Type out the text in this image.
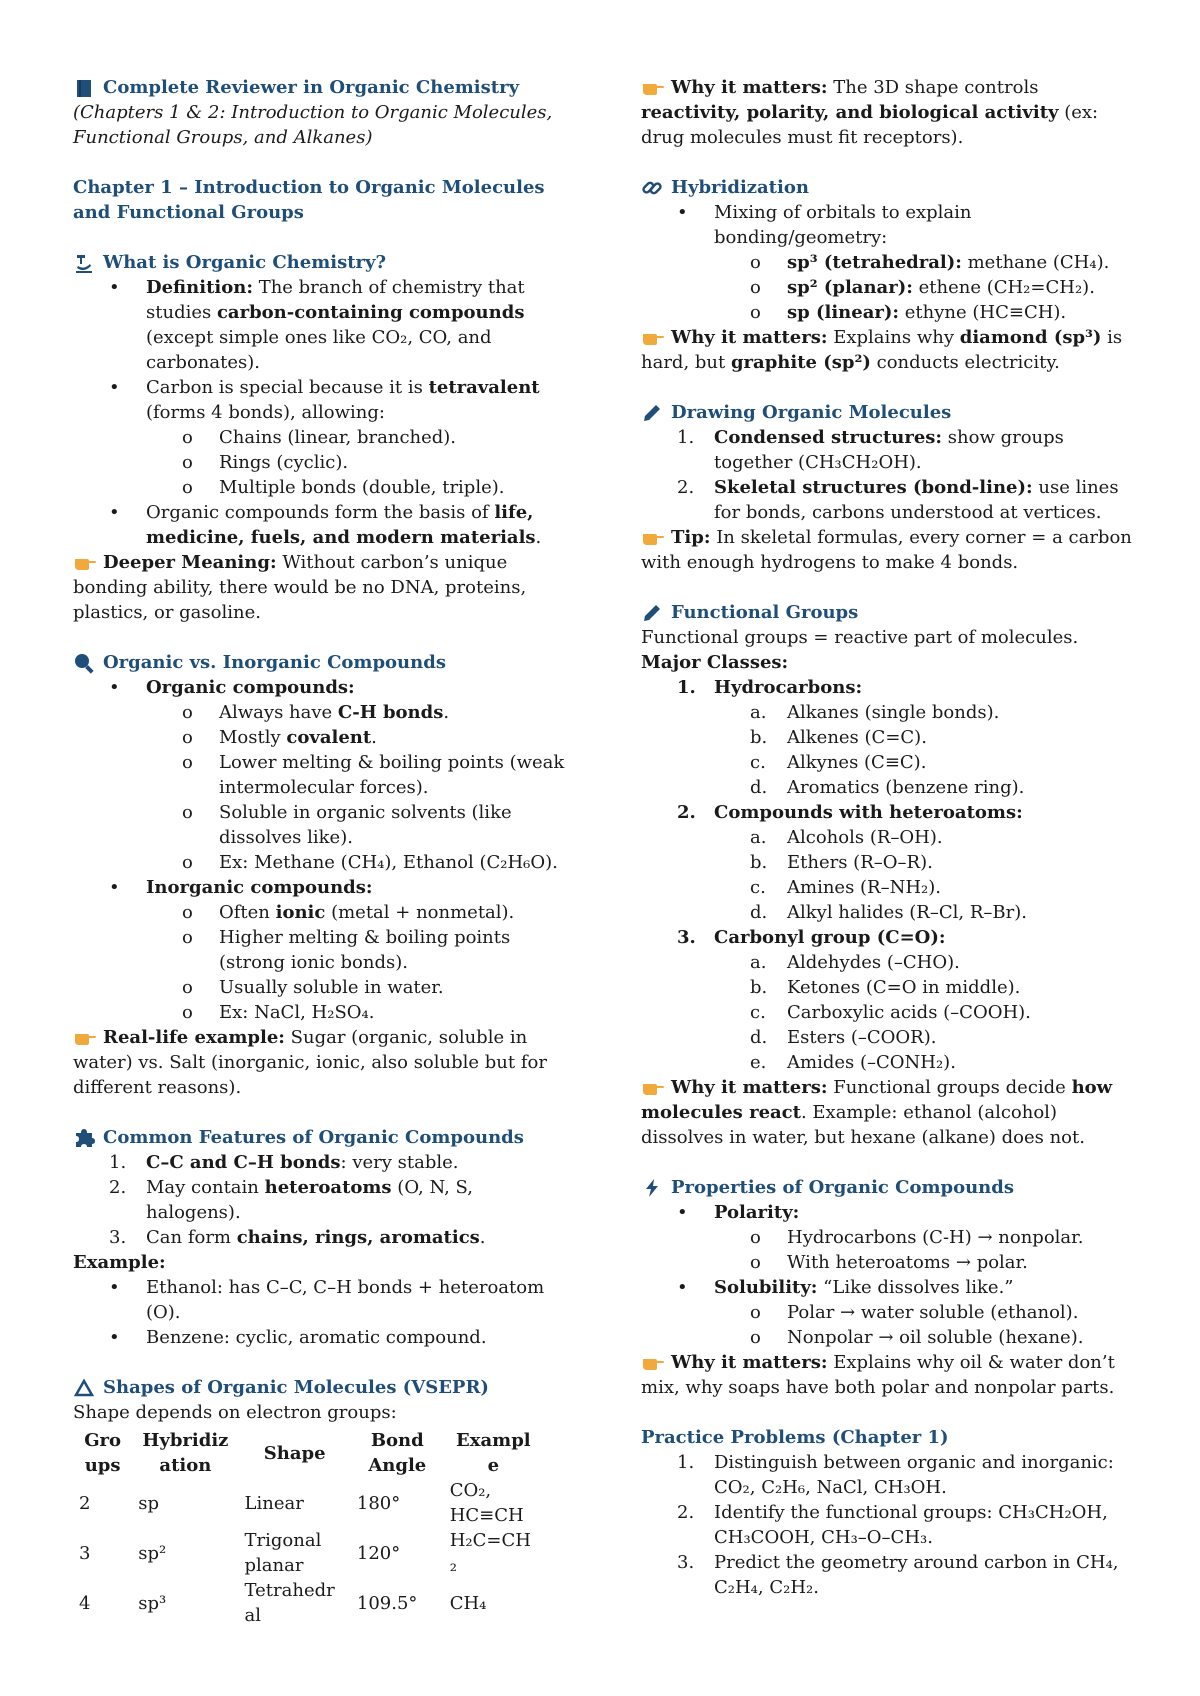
Complete Reviewer in Organic Chemistry

(Chapters 1 & 2: Introduction to Organic Molecules, Functional Groups, and Alkanes)

Chapter 1 – Introduction to Organic Molecules and Functional Groups
What is Organic Chemistry?
• Definition: The branch of chemistry that studies carbon-containing compounds (except simple ones like CO₂, CO, and carbonates).
• Carbon is special because it is tetravalent (forms 4 bonds), allowing:
o Chains (linear, branched).
o Rings (cyclic).
o Multiple bonds (double, triple).
• Organic compounds form the basis of life, medicine, fuels, and modern materials.

Deeper Meaning: Without carbon’s unique bonding ability, there would be no DNA, proteins, plastics, or gasoline.

Organic vs. Inorganic Compounds
• Organic compounds:
o Always have C-H bonds.
o Mostly covalent.
o Lower melting & boiling points (weak intermolecular forces).
o Soluble in organic solvents (like dissolves like).
o Ex: Methane (CH₄), Ethanol (C₂H₆O).
• Inorganic compounds:
o Often ionic (metal + nonmetal).
o Higher melting & boiling points (strong ionic bonds).
o Usually soluble in water.
o Ex: NaCl, H₂SO₄.

Real-life example: Sugar (organic, soluble in water) vs. Salt (inorganic, ionic, also soluble but for different reasons).

Common Features of Organic Compounds
1. C–C and C–H bonds: very stable.
2. May contain heteroatoms (O, N, S, halogens).
3. Can form chains, rings, aromatics.

Example:

• Ethanol: has C–C, C–H bonds + heteroatom (O).
• Benzene: cyclic, aromatic compound.
Shapes of Organic Molecules (VSEPR)

Shape depends on electron groups:

Gro ups	Hybridiz ation	Shape	Bond Angle	Exampl e
2	sp	Linear	180°	CO₂, HC≡CH
3	sp²	Trigonal planar	120°	H₂C=CH ₂
4	sp³	Tetrahedr al	109.5°	CH₄

Why it matters: The 3D shape controls reactivity, polarity, and biological activity (ex: drug molecules must fit receptors).

Hybridization
• Mixing of orbitals to explain bonding/geometry:
o sp³ (tetrahedral): methane (CH₄).
o sp² (planar): ethene (CH₂=CH₂).
o sp (linear): ethyne (HC≡CH).

Why it matters: Explains why diamond (sp³) is hard, but graphite (sp²) conducts electricity.

Drawing Organic Molecules
1. Condensed structures: show groups together (CH₃CH₂OH).
2. Skeletal structures (bond-line): use lines for bonds, carbons understood at vertices.

Tip: In skeletal formulas, every corner = a carbon with enough hydrogens to make 4 bonds.

Functional Groups

Functional groups = reactive part of molecules.

Major Classes:

1. Hydrocarbons:
a. Alkanes (single bonds).
b. Alkenes (C=C).
c. Alkynes (C≡C).
d. Aromatics (benzene ring).
2. Compounds with heteroatoms:
a. Alcohols (R–OH).
b. Ethers (R–O–R).
c. Amines (R–NH₂).
d. Alkyl halides (R–Cl, R–Br).
3. Carbonyl group (C=O):
a. Aldehydes (–CHO).
b. Ketones (C=O in middle).
c. Carboxylic acids (–COOH).
d. Esters (–COOR).
e. Amides (–CONH₂).

Why it matters: Functional groups decide how molecules react. Example: ethanol (alcohol) dissolves in water, but hexane (alkane) does not.

Properties of Organic Compounds
• Polarity:
o Hydrocarbons (C-H) → nonpolar.
o With heteroatoms → polar.
• Solubility: “Like dissolves like.”
o Polar → water soluble (ethanol).
o Nonpolar → oil soluble (hexane).

Why it matters: Explains why oil & water don’t mix, why soaps have both polar and nonpolar parts.

Practice Problems (Chapter 1)
1. Distinguish between organic and inorganic: CO₂, C₂H₆, NaCl, CH₃OH.
2. Identify the functional groups: CH₃CH₂OH, CH₃COOH, CH₃–O–CH₃.
3. Predict the geometry around carbon in CH₄, C₂H₄, C₂H₂.
